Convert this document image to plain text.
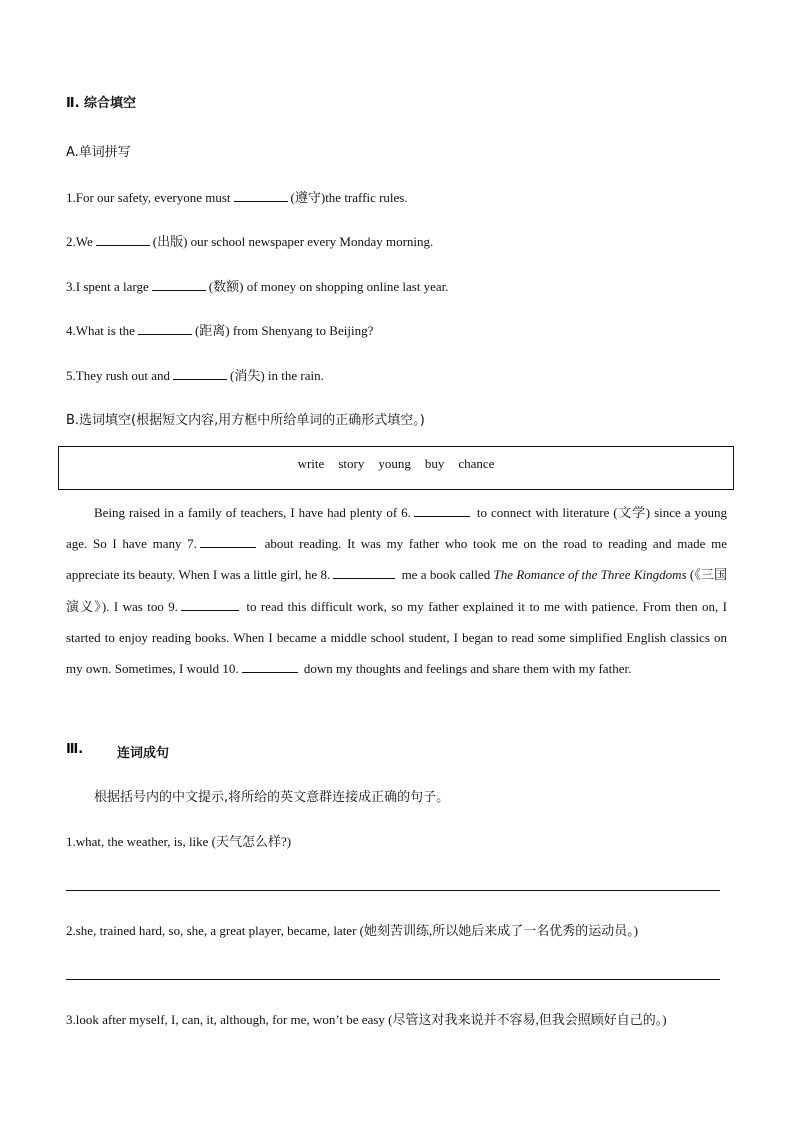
Ⅱ. 综合填空
A.单词拼写
1.For our safety, everyone must	(遵守)the traffic rules.
2.We	(出版) our school newspaper every Monday morning.
3.I spent a large	(数额) of money on shopping online last year.
4.What is the	(距离) from Shenyang to Beijing?
5.They rush out and	(消失) in the rain.
B.选词填空(根据短文内容,用方框中所给单词的正确形式填空。)
write story young buy chance
Being raised in a family of teachers, I have had plenty of 6.	to connect with literature (文学) since a young age. So I have many 7.	about reading. It was my father who took me on the road to reading and made me appreciate its beauty. When I was a little girl, he 8.	me a book called The Romance of the Three Kingdoms (《三国演义》). I was too 9.	to read this difficult work, so my father explained it to me with patience. From then on, I started to enjoy reading books. When I became a middle school student, I began to read some simplified English classics on my own. Sometimes, I would 10.	down my thoughts and feelings and share them with my father.
Ⅲ.	连词成句
根据括号内的中文提示,将所给的英文意群连接成正确的句子。
1.what, the weather, is, like (天气怎么样?)
2.she, trained hard, so, she, a great player, became, later (她刻苦训练,所以她后来成了一名优秀的运动员。)
3.look after myself, I, can, it, although, for me, won’t be easy (尽管这对我来说并不容易,但我会照顾好自己的。)
